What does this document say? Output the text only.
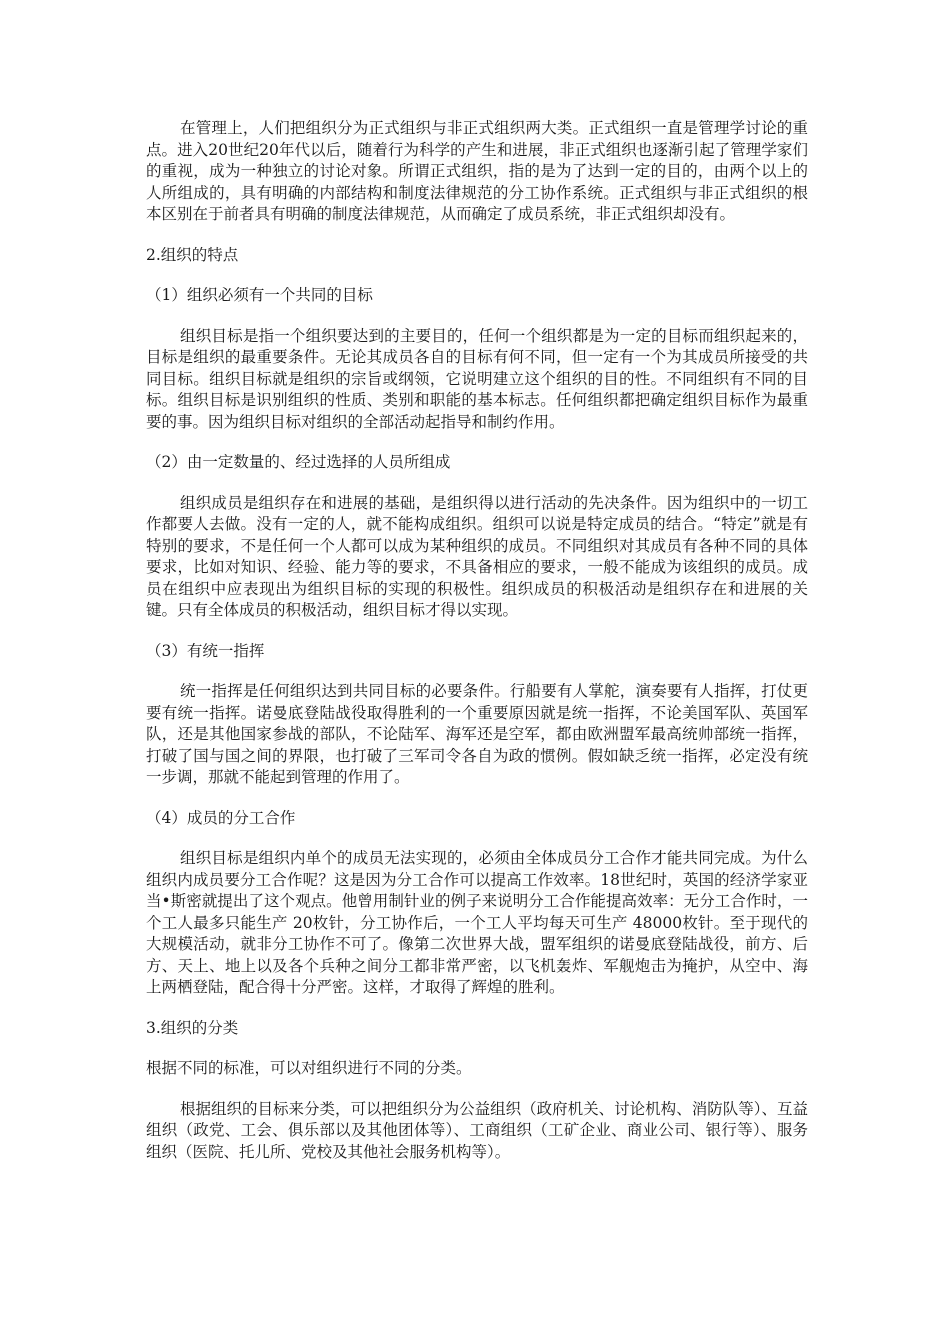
在管理上，人们把组织分为正式组织与非正式组织两大类。正式组织一直是管理学讨论的重点。进入20世纪20年代以后，随着行为科学的产生和进展，非正式组织也逐渐引起了管理学家们的重视，成为一种独立的讨论对象。所谓正式组织，指的是为了达到一定的目的，由两个以上的人所组成的，具有明确的内部结构和制度法律规范的分工协作系统。正式组织与非正式组织的根本区别在于前者具有明确的制度法律规范，从而确定了成员系统，非正式组织却没有。

2.组织的特点

（1）组织必须有一个共同的目标

组织目标是指一个组织要达到的主要目的，任何一个组织都是为一定的目标而组织起来的，目标是组织的最重要条件。无论其成员各自的目标有何不同，但一定有一个为其成员所接受的共同目标。组织目标就是组织的宗旨或纲领，它说明建立这个组织的目的性。不同组织有不同的目标。组织目标是识别组织的性质、类别和职能的基本标志。任何组织都把确定组织目标作为最重要的事。因为组织目标对组织的全部活动起指导和制约作用。

（2）由一定数量的、经过选择的人员所组成

组织成员是组织存在和进展的基础，是组织得以进行活动的先决条件。因为组织中的一切工作都要人去做。没有一定的人，就不能构成组织。组织可以说是特定成员的结合。“特定”就是有特别的要求，不是任何一个人都可以成为某种组织的成员。不同组织对其成员有各种不同的具体要求，比如对知识、经验、能力等的要求，不具备相应的要求，一般不能成为该组织的成员。成员在组织中应表现出为组织目标的实现的积极性。组织成员的积极活动是组织存在和进展的关键。只有全体成员的积极活动，组织目标才得以实现。

（3）有统一指挥

统一指挥是任何组织达到共同目标的必要条件。行船要有人掌舵，演奏要有人指挥，打仗更要有统一指挥。诺曼底登陆战役取得胜利的一个重要原因就是统一指挥，不论美国军队、英国军队，还是其他国家参战的部队，不论陆军、海军还是空军，都由欧洲盟军最高统帅部统一指挥，打破了国与国之间的界限，也打破了三军司令各自为政的惯例。假如缺乏统一指挥，必定没有统一步调，那就不能起到管理的作用了。

（4）成员的分工合作

组织目标是组织内单个的成员无法实现的，必须由全体成员分工合作才能共同完成。为什么组织内成员要分工合作呢？这是因为分工合作可以提高工作效率。18世纪时，英国的经济学家亚当•斯密就提出了这个观点。他曾用制针业的例子来说明分工合作能提高效率：无分工合作时，一个工人最多只能生产 20枚针，分工协作后，一个工人平均每天可生产 48000枚针。至于现代的大规模活动，就非分工协作不可了。像第二次世界大战，盟军组织的诺曼底登陆战役，前方、后方、天上、地上以及各个兵种之间分工都非常严密，以飞机轰炸、军舰炮击为掩护，从空中、海上两栖登陆，配合得十分严密。这样，才取得了辉煌的胜利。

3.组织的分类

根据不同的标准，可以对组织进行不同的分类。

根据组织的目标来分类，可以把组织分为公益组织（政府机关、讨论机构、消防队等）、互益组织（政党、工会、俱乐部以及其他团体等）、工商组织（工矿企业、商业公司、银行等）、服务组织（医院、托儿所、党校及其他社会服务机构等）。
